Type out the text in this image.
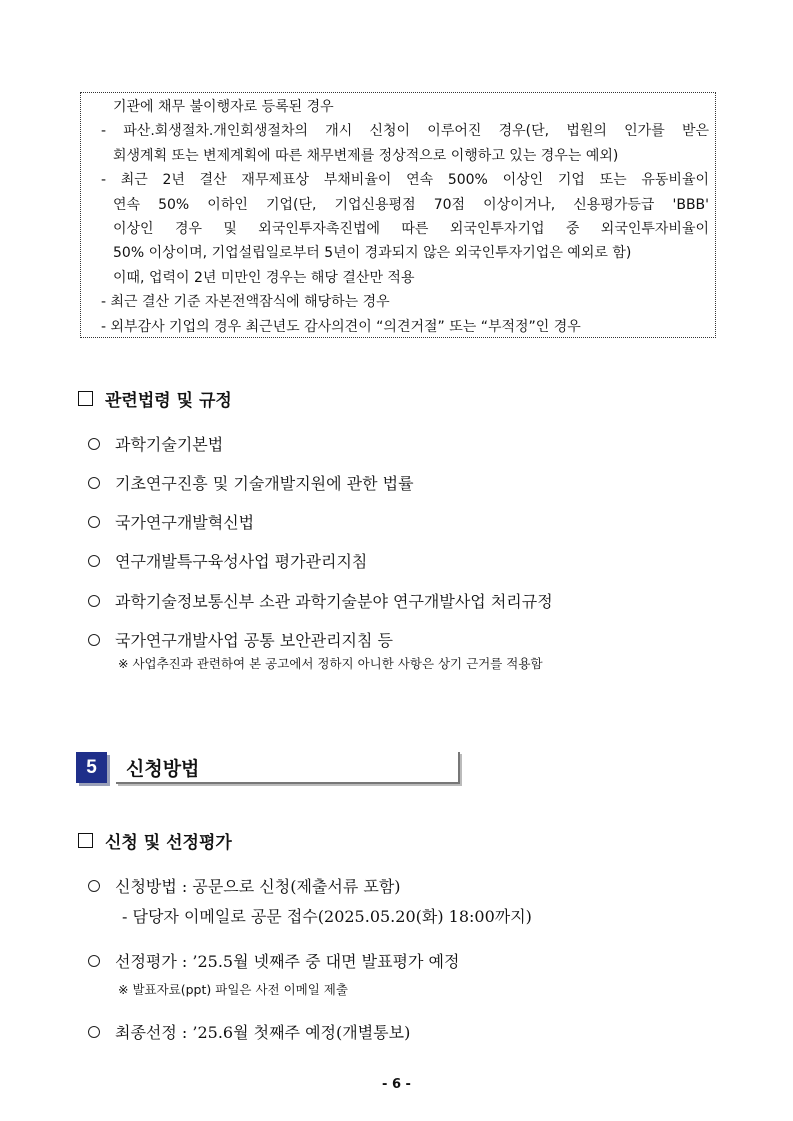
기관에 채무 불이행자로 등록된 경우
- 파산.회생절차.개인회생절차의 개시 신청이 이루어진 경우(단, 법원의 인가를 받은
회생계획 또는 변제계획에 따른 채무변제를 정상적으로 이행하고 있는 경우는 예외)
- 최근 2년 결산 재무제표상 부채비율이 연속 500% 이상인 기업 또는 유동비율이
연속 50% 이하인 기업(단, 기업신용평점 70점 이상이거나, 신용평가등급 'BBB'
이상인 경우 및 외국인투자촉진법에 따른 외국인투자기업 중 외국인투자비율이
50% 이상이며, 기업설립일로부터 5년이 경과되지 않은 외국인투자기업은 예외로 함)
이때, 업력이 2년 미만인 경우는 해당 결산만 적용
- 최근 결산 기준 자본전액잠식에 해당하는 경우
- 외부감사 기업의 경우 최근년도 감사의견이 “의견거절” 또는 “부적정”인 경우
관련법령 및 규정
과학기술기본법
기초연구진흥 및 기술개발지원에 관한 법률
국가연구개발혁신법
연구개발특구육성사업 평가관리지침
과학기술정보통신부 소관 과학기술분야 연구개발사업 처리규정
국가연구개발사업 공통 보안관리지침 등
※ 사업추진과 관련하여 본 공고에서 정하지 아니한 사항은 상기 근거를 적용함
5	신청방법
신청 및 선정평가
신청방법 : 공문으로 신청(제출서류 포함)
- 담당자 이메일로 공문 접수(2025.05.20(화) 18:00까지)
선정평가 : ’25.5월 넷째주 중 대면 발표평가 예정
※ 발표자료(ppt) 파일은 사전 이메일 제출
최종선정 : ’25.6월 첫째주 예정(개별통보)
- 6 -
